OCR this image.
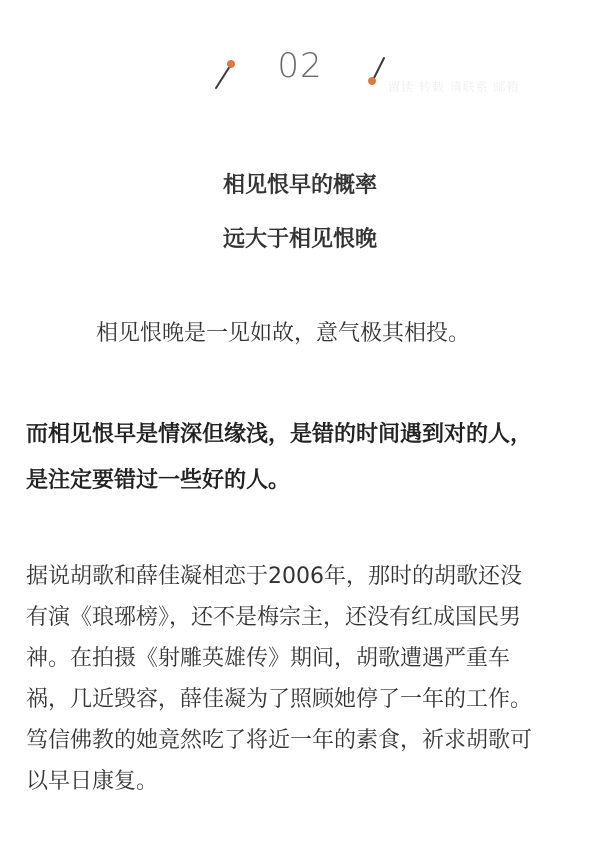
02
留读 转载 请联系 邮箱
相见恨早的概率
远大于相见恨晚
相见恨晚是一见如故，意气极其相投。
而相见恨早是情深但缘浅，是错的时间遇到对的人，
是注定要错过一些好的人。
据说胡歌和薛佳凝相恋于2006年，那时的胡歌还没
有演《琅琊榜》，还不是梅宗主，还没有红成国民男
神。在拍摄《射雕英雄传》期间，胡歌遭遇严重车
祸，几近毁容，薛佳凝为了照顾她停了一年的工作。
笃信佛教的她竟然吃了将近一年的素食，祈求胡歌可
以早日康复。
